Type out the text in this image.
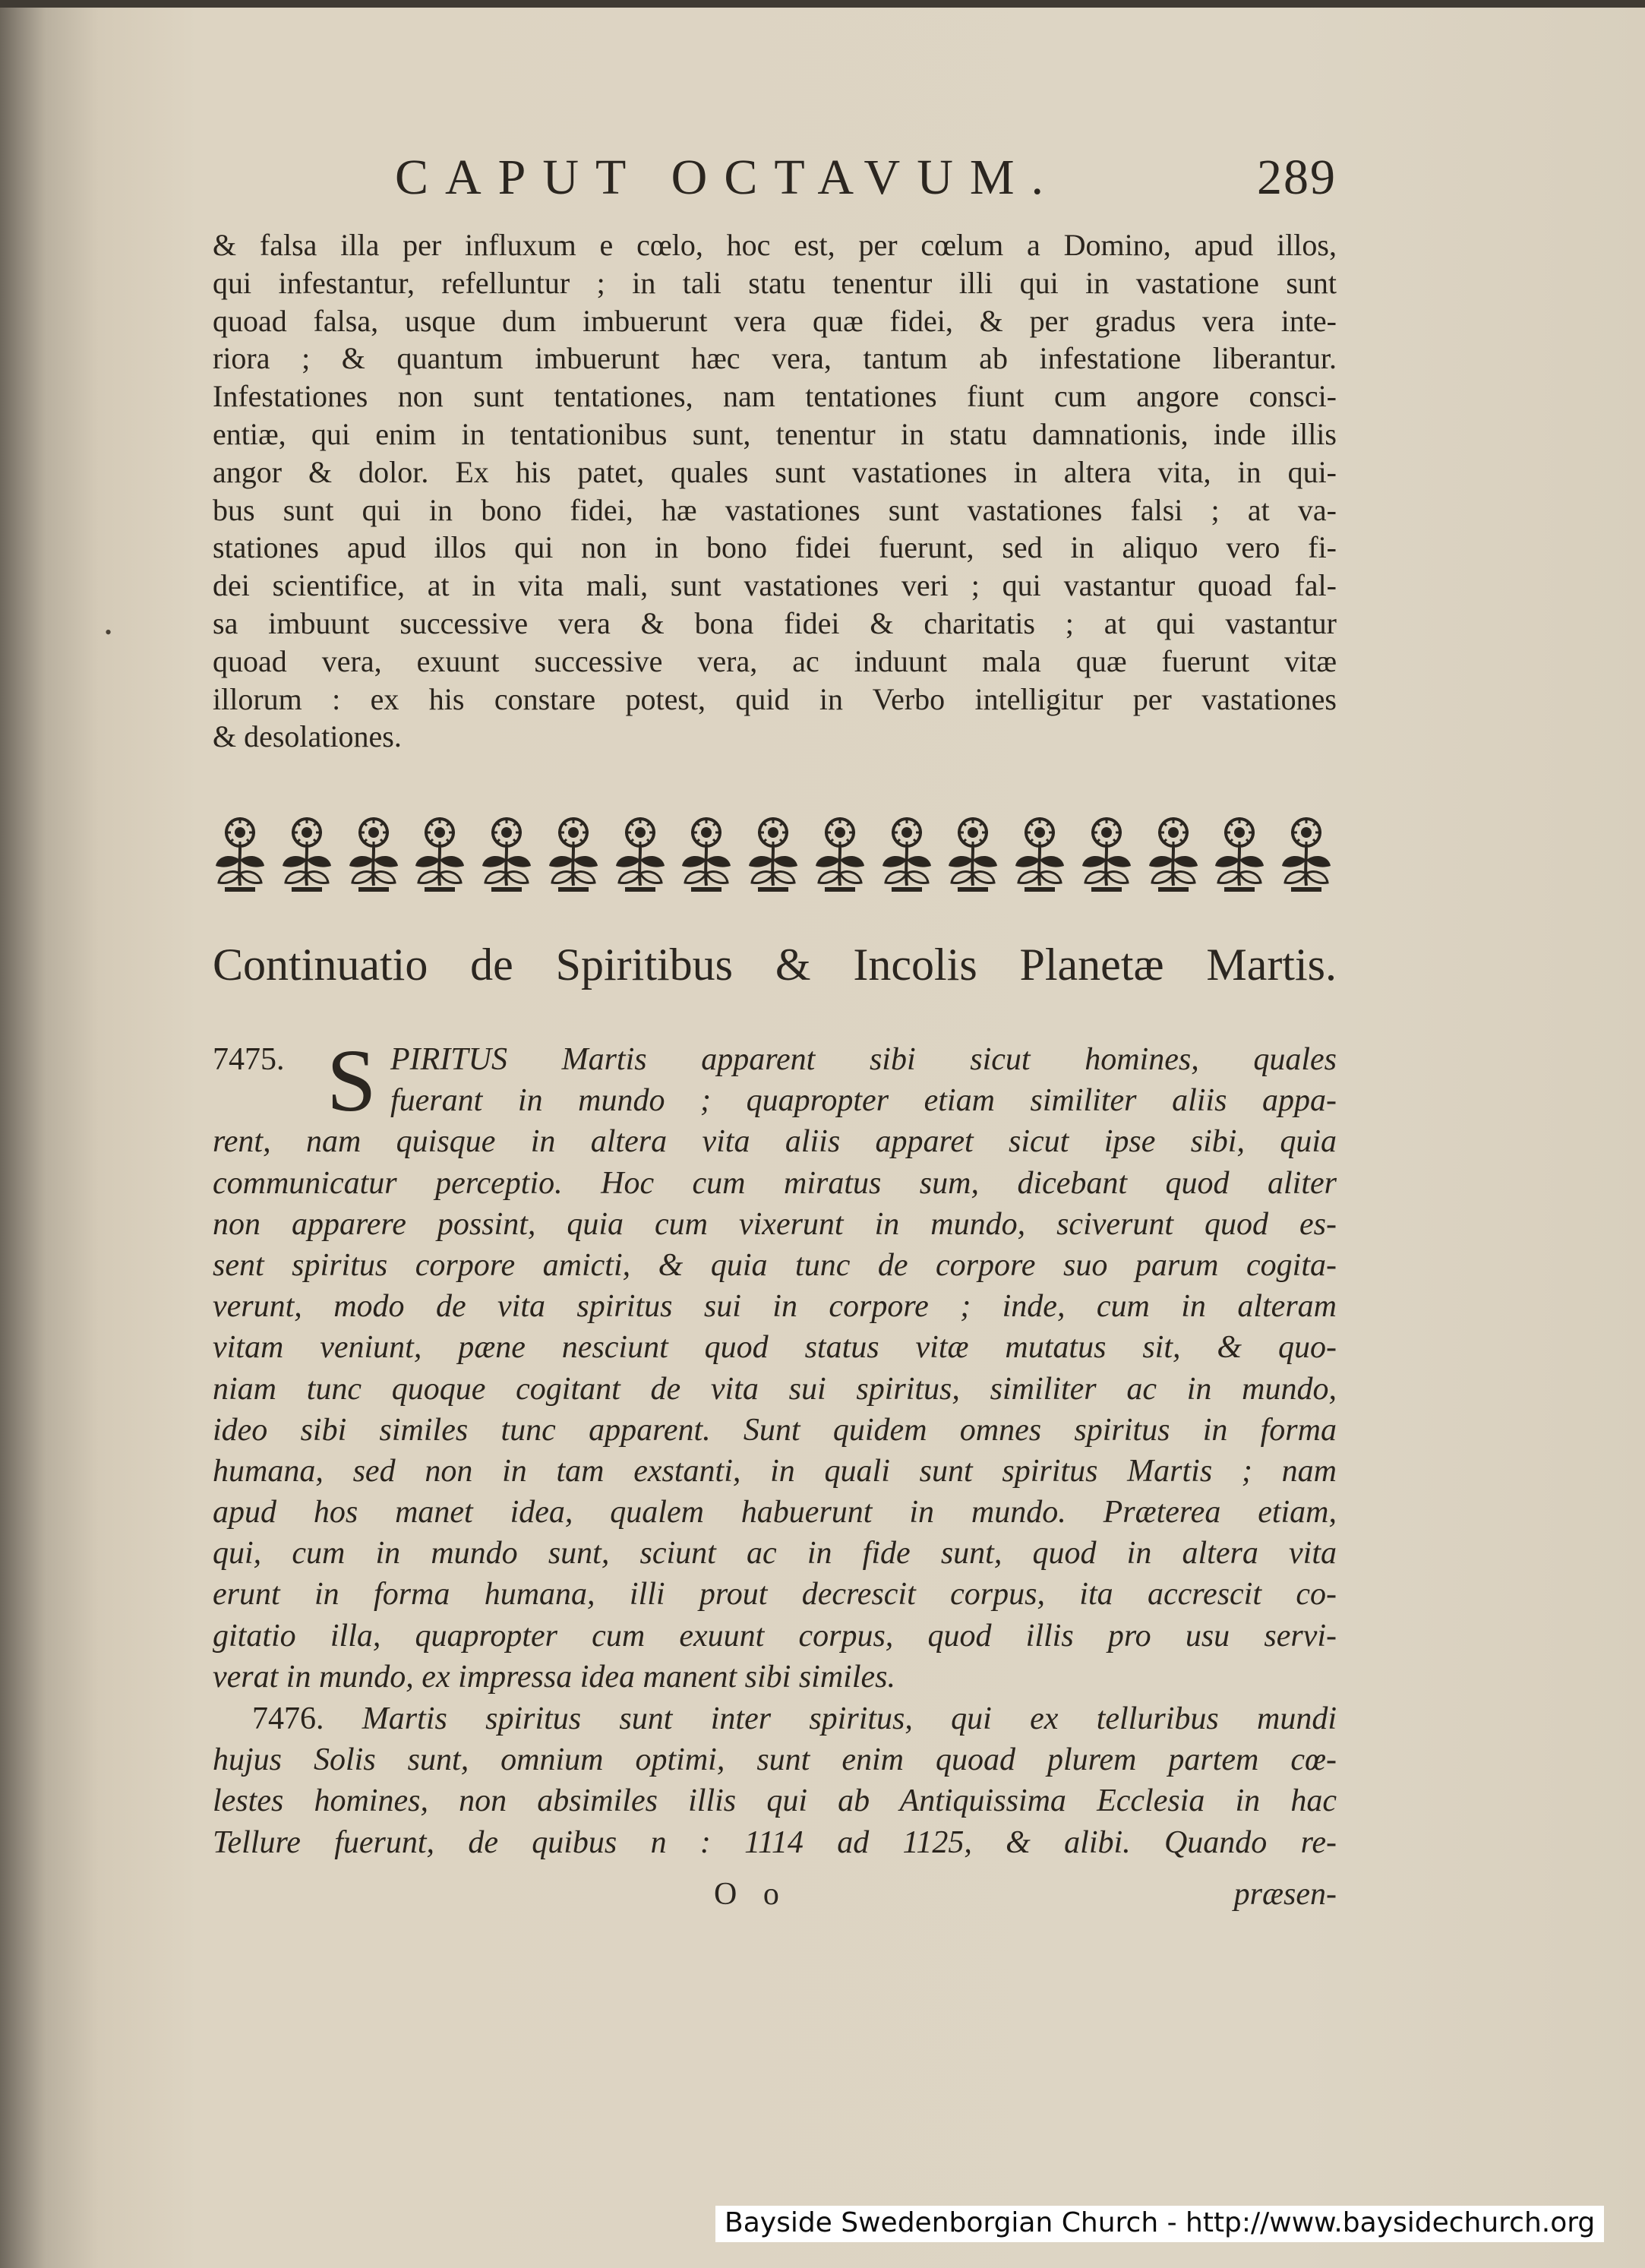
•
CAPUT OCTAVUM.	289
& falsa illa per influxum e cœlo, hoc est, per cœlum a Domino, apud illos,
qui infestantur, refelluntur ; in tali statu tenentur illi qui in vastatione sunt
quoad falsa, usque dum imbuerunt vera quæ fidei, & per gradus vera inte-
riora ; & quantum imbuerunt hæc vera, tantum ab infestatione liberantur.
Infestationes non sunt tentationes, nam tentationes fiunt cum angore consci-
entiæ, qui enim in tentationibus sunt, tenentur in statu damnationis, inde illis
angor & dolor. Ex his patet, quales sunt vastationes in altera vita, in qui-
bus sunt qui in bono fidei, hæ vastationes sunt vastationes falsi ; at va-
stationes apud illos qui non in bono fidei fuerunt, sed in aliquo vero fi-
dei scientifice, at in vita mali, sunt vastationes veri ; qui vastantur quoad fal-
sa imbuunt successive vera & bona fidei & charitatis ; at qui vastantur
quoad vera, exuunt successive vera, ac induunt mala quæ fuerunt vitæ
illorum : ex his constare potest, quid in Verbo intelligitur per vastationes
& desolationes.
Continuatio de Spiritibus & Incolis Planetæ Martis.
7475. S PIRITUS Martis apparent sibi sicut homines, quales
fuerant in mundo ; quapropter etiam similiter aliis appa-
rent, nam quisque in altera vita aliis apparet sicut ipse sibi, quia
communicatur perceptio. Hoc cum miratus sum, dicebant quod aliter
non apparere possint, quia cum vixerunt in mundo, sciverunt quod es-
sent spiritus corpore amicti, & quia tunc de corpore suo parum cogita-
verunt, modo de vita spiritus sui in corpore ; inde, cum in alteram
vitam veniunt, pæne nesciunt quod status vitæ mutatus sit, & quo-
niam tunc quoque cogitant de vita sui spiritus, similiter ac in mundo,
ideo sibi similes tunc apparent. Sunt quidem omnes spiritus in forma
humana, sed non in tam exstanti, in quali sunt spiritus Martis ; nam
apud hos manet idea, qualem habuerunt in mundo. Præterea etiam,
qui, cum in mundo sunt, sciunt ac in fide sunt, quod in altera vita
erunt in forma humana, illi prout decrescit corpus, ita accrescit co-
gitatio illa, quapropter cum exuunt corpus, quod illis pro usu servi-
verat in mundo, ex impressa idea manent sibi similes.
7476. Martis spiritus sunt inter spiritus, qui ex telluribus mundi
hujus Solis sunt, omnium optimi, sunt enim quoad plurem partem cœ-
lestes homines, non absimiles illis qui ab Antiquissima Ecclesia in hac
Tellure fuerunt, de quibus n : 1114 ad 1125, & alibi. Quando re-
O o	præsen-
Bayside Swedenborgian Church - http://www.baysidechurch.org
